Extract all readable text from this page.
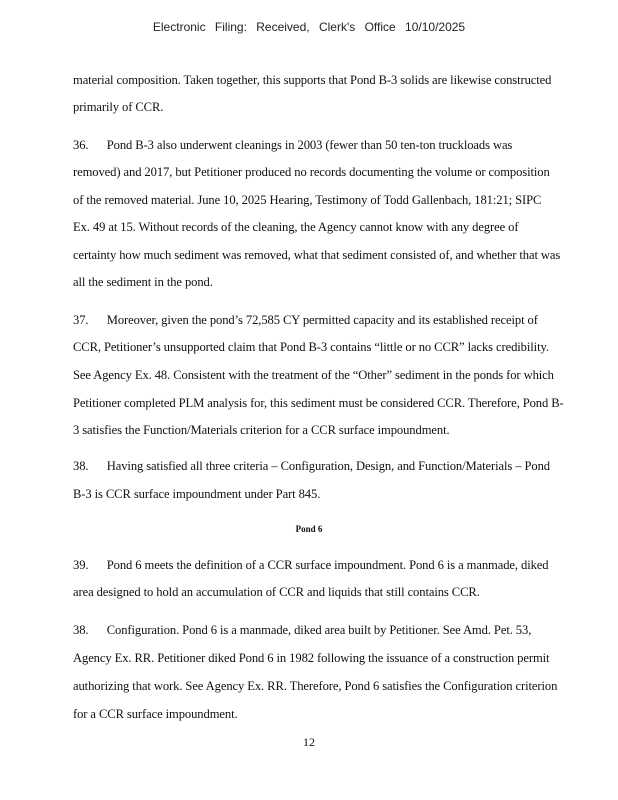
Electronic Filing: Received, Clerk's Office 10/10/2025
material composition. Taken together, this supports that Pond B-3 solids are likewise constructed
primarily of CCR.
36.      Pond B-3 also underwent cleanings in 2003 (fewer than 50 ten-ton truckloads was
removed) and 2017, but Petitioner produced no records documenting the volume or composition
of the removed material. June 10, 2025 Hearing, Testimony of Todd Gallenbach, 181:21; SIPC
Ex. 49 at 15. Without records of the cleaning, the Agency cannot know with any degree of
certainty how much sediment was removed, what that sediment consisted of, and whether that was
all the sediment in the pond.
37.      Moreover, given the pond’s 72,585 CY permitted capacity and its established receipt of
CCR, Petitioner’s unsupported claim that Pond B-3 contains “little or no CCR” lacks credibility.
See Agency Ex. 48. Consistent with the treatment of the “Other” sediment in the ponds for which
Petitioner completed PLM analysis for, this sediment must be considered CCR. Therefore, Pond B-
3 satisfies the Function/Materials criterion for a CCR surface impoundment.
38.      Having satisfied all three criteria – Configuration, Design, and Function/Materials – Pond
B-3 is CCR surface impoundment under Part 845.
Pond 6
39.      Pond 6 meets the definition of a CCR surface impoundment. Pond 6 is a manmade, diked
area designed to hold an accumulation of CCR and liquids that still contains CCR.
38.      Configuration. Pond 6 is a manmade, diked area built by Petitioner. See Amd. Pet. 53,
Agency Ex. RR. Petitioner diked Pond 6 in 1982 following the issuance of a construction permit
authorizing that work. See Agency Ex. RR. Therefore, Pond 6 satisfies the Configuration criterion
for a CCR surface impoundment.
12
